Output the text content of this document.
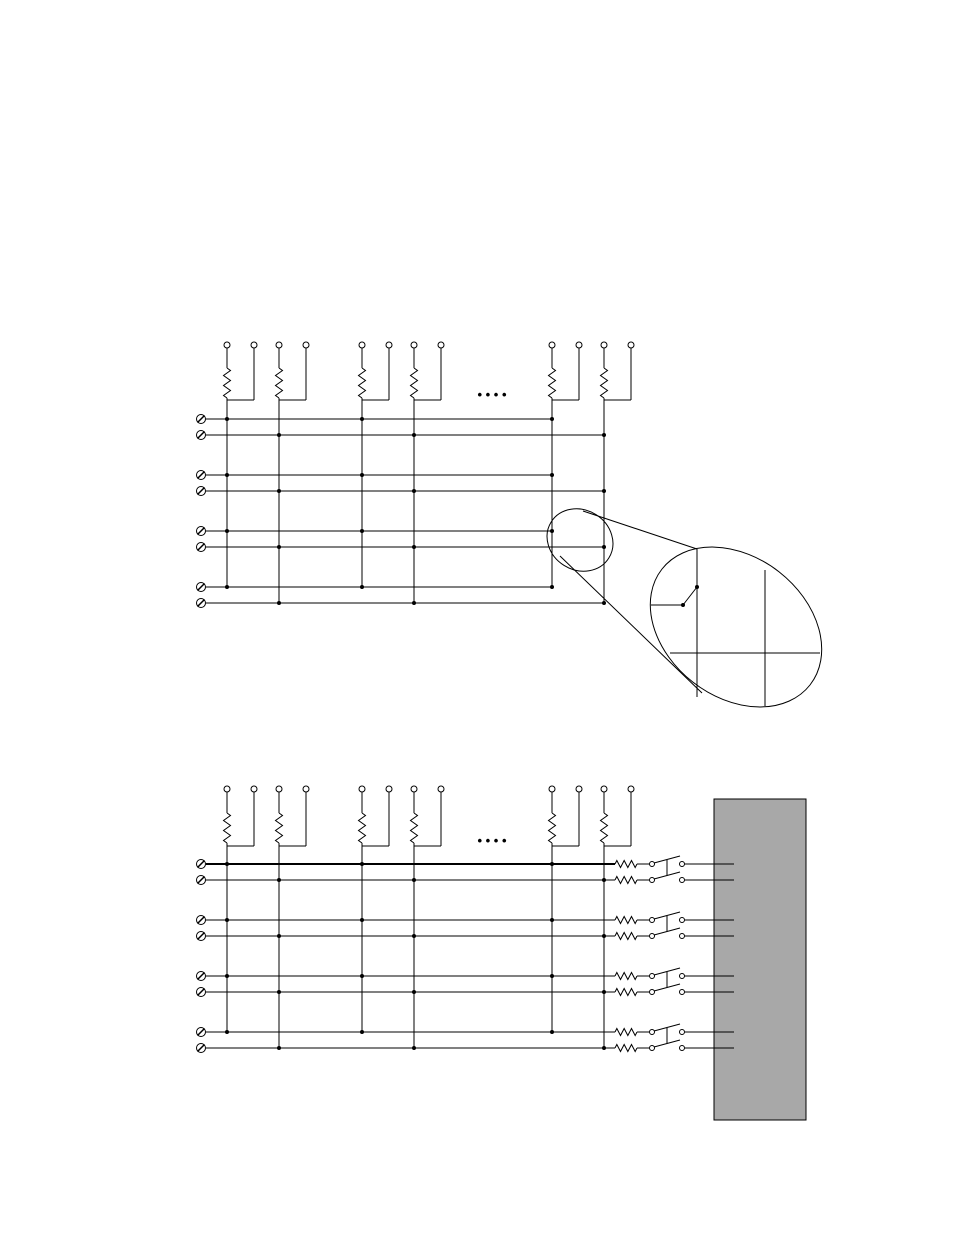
• • • •
• • • •
